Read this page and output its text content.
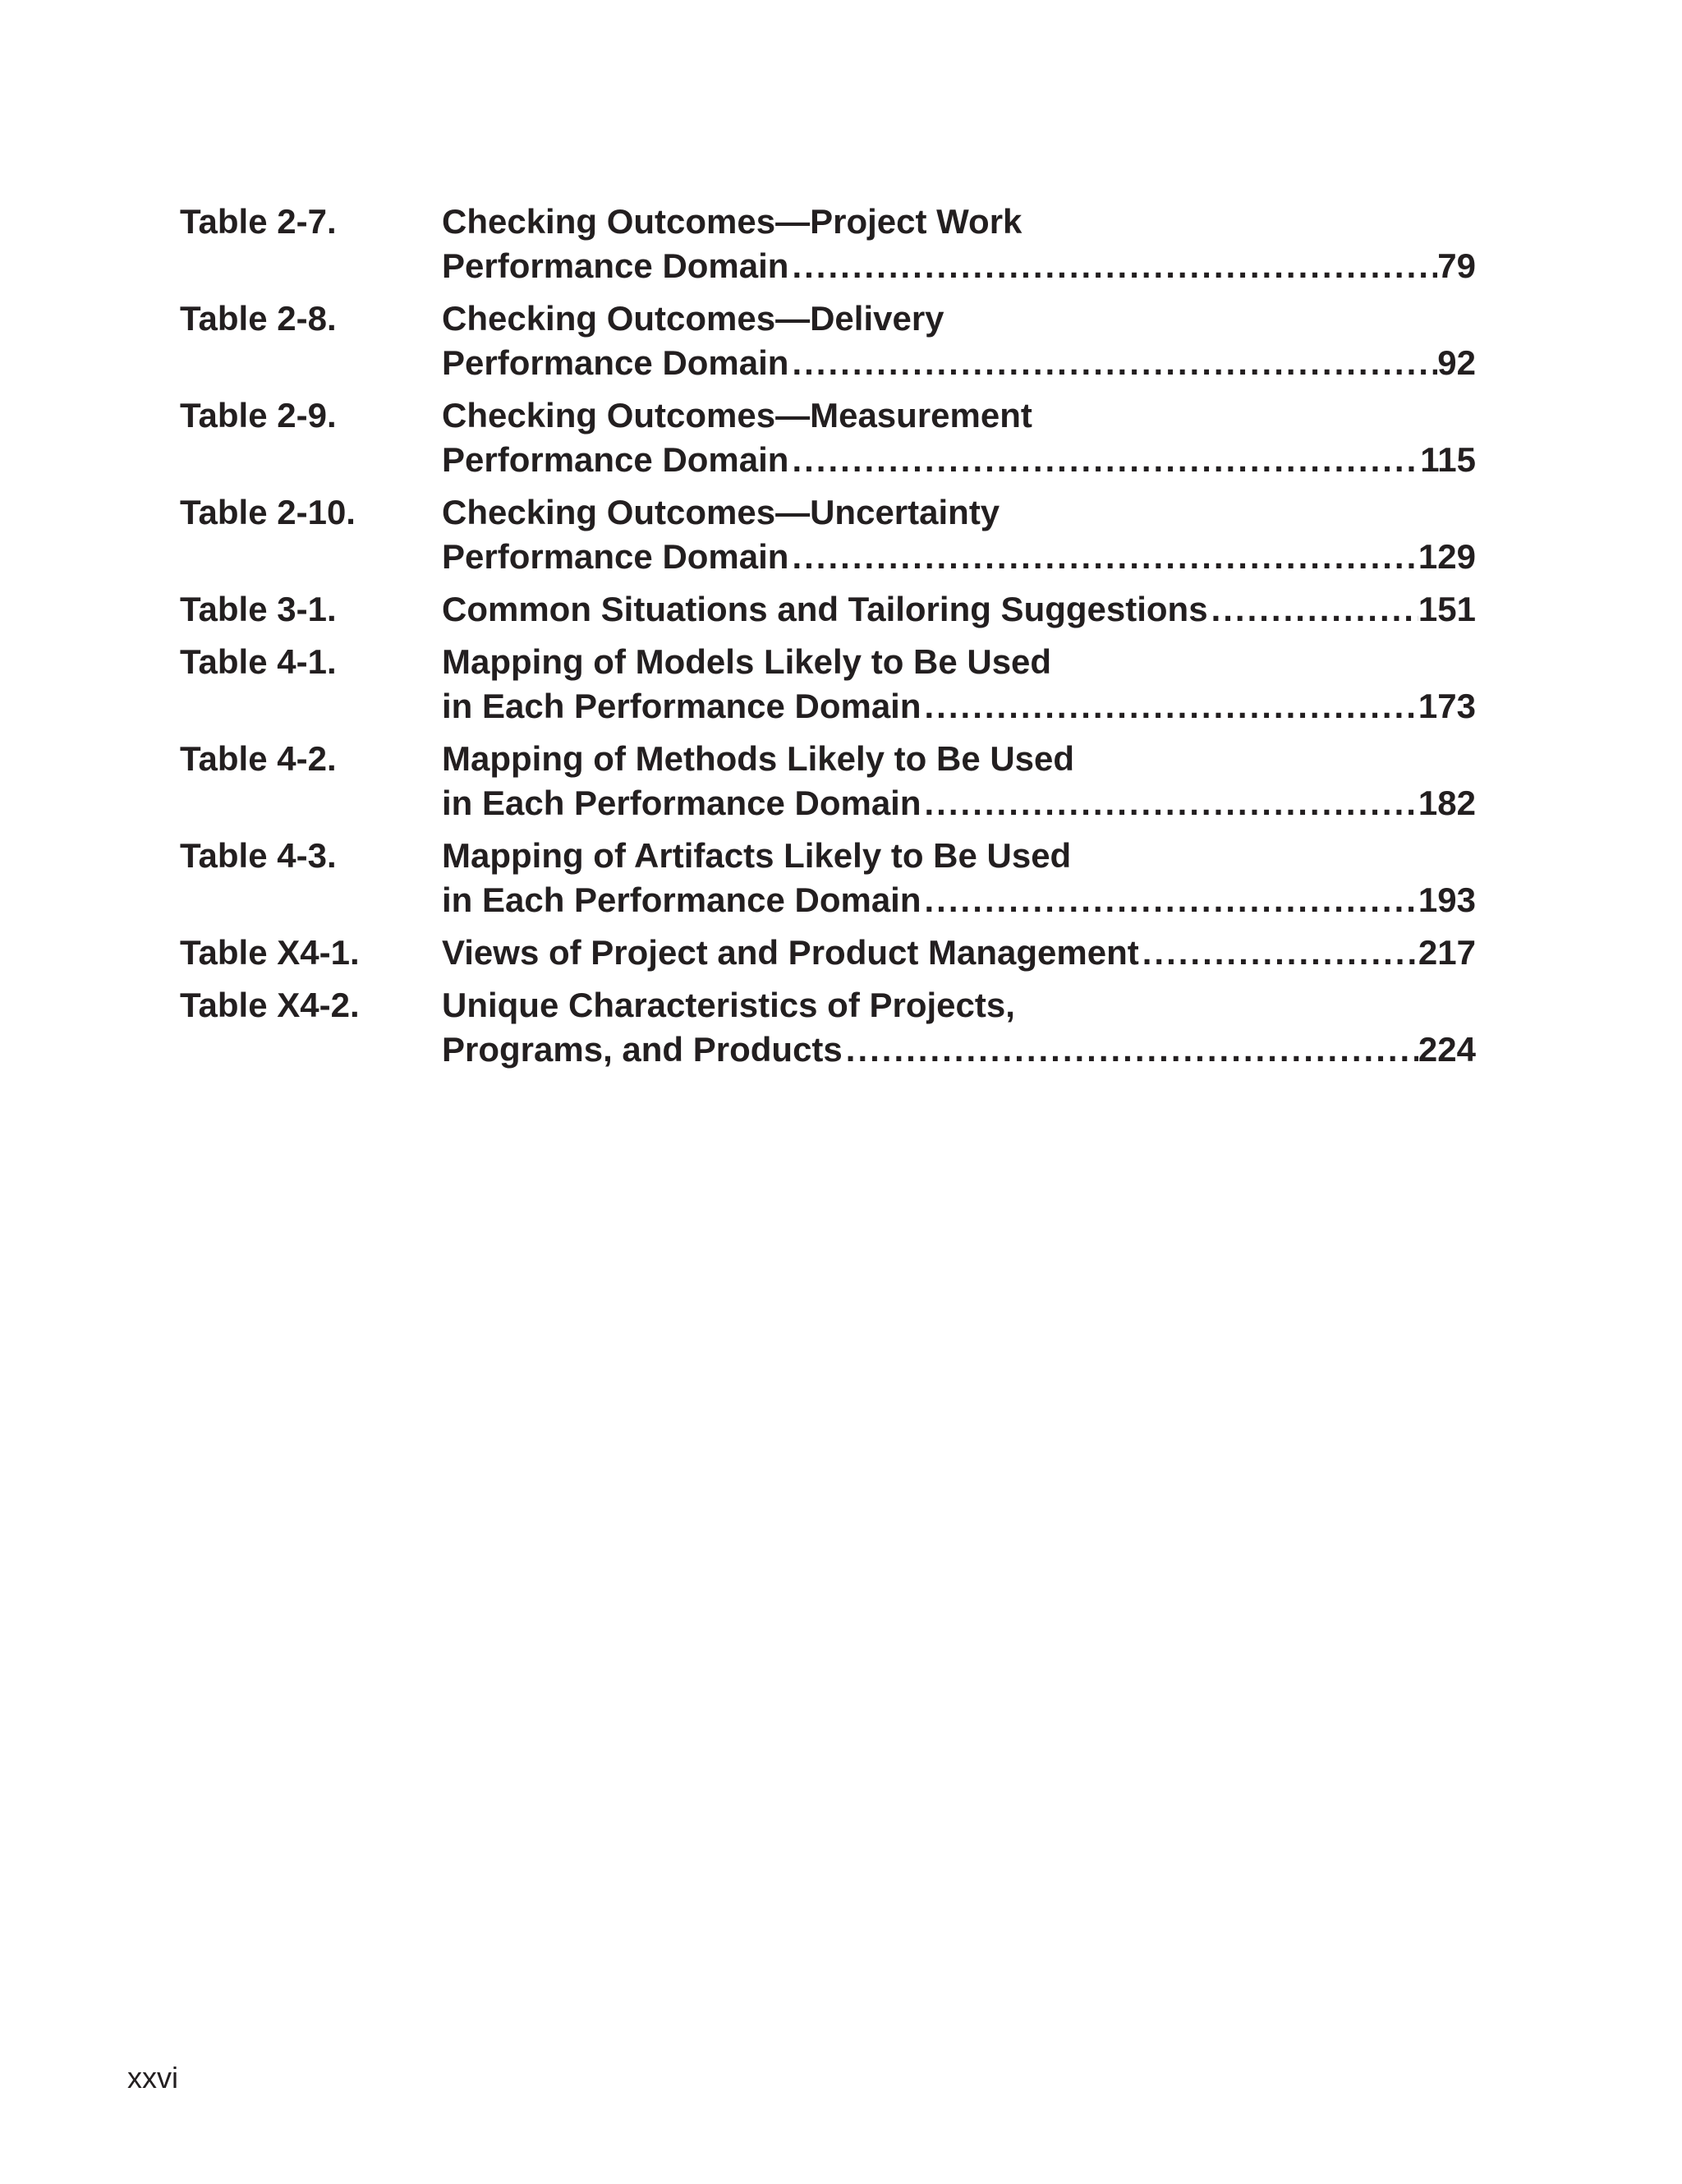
Table 2-7.	Checking Outcomes—Project Work
Performance Domain .....	79
Table 2-8.	Checking Outcomes—Delivery
Performance Domain .....	92
Table 2-9.	Checking Outcomes—Measurement
Performance Domain .....	115
Table 2-10.	Checking Outcomes—Uncertainty
Performance Domain .....	129
Table 3-1.	Common Situations and Tailoring Suggestions .....	151
Table 4-1.	Mapping of Models Likely to Be Used
in Each Performance Domain .....	173
Table 4-2.	Mapping of Methods Likely to Be Used
in Each Performance Domain .....	182
Table 4-3.	Mapping of Artifacts Likely to Be Used
in Each Performance Domain .....	193
Table X4-1.	Views of Project and Product Management .....	217
Table X4-2.	Unique Characteristics of Projects,
Programs, and Products .....	224
xxvi
